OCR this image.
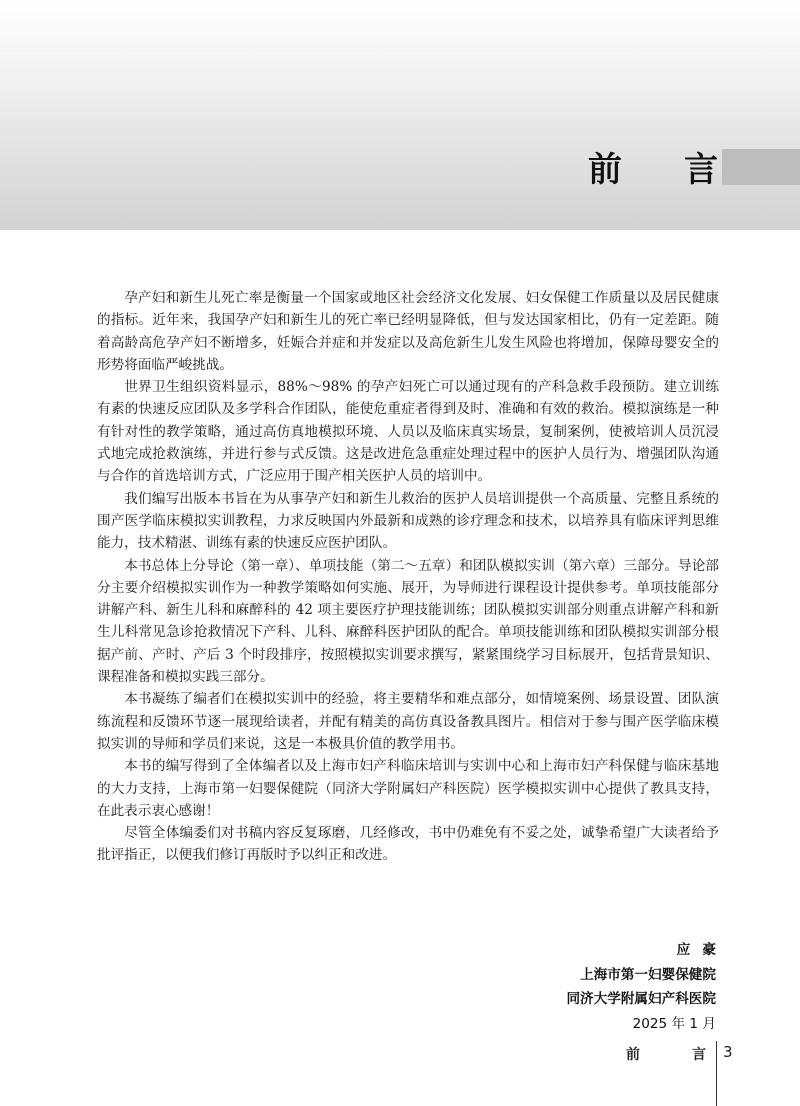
前 言

孕产妇和新生儿死亡率是衡量一个国家或地区社会经济文化发展、妇女保健工作质量以及居民健康的指标。近年来，我国孕产妇和新生儿的死亡率已经明显降低，但与发达国家相比，仍有一定差距。随着高龄高危孕产妇不断增多，妊娠合并症和并发症以及高危新生儿发生风险也将增加，保障母婴安全的形势将面临严峻挑战。

世界卫生组织资料显示，88%～98% 的孕产妇死亡可以通过现有的产科急救手段预防。建立训练有素的快速反应团队及多学科合作团队，能使危重症者得到及时、准确和有效的救治。模拟演练是一种有针对性的教学策略，通过高仿真地模拟环境、人员以及临床真实场景，复制案例，使被培训人员沉浸式地完成抢救演练，并进行参与式反馈。这是改进危急重症处理过程中的医护人员行为、增强团队沟通与合作的首选培训方式，广泛应用于围产相关医护人员的培训中。

我们编写出版本书旨在为从事孕产妇和新生儿救治的医护人员培训提供一个高质量、完整且系统的围产医学临床模拟实训教程，力求反映国内外最新和成熟的诊疗理念和技术，以培养具有临床评判思维能力，技术精湛、训练有素的快速反应医护团队。

本书总体上分导论（第一章）、单项技能（第二～五章）和团队模拟实训（第六章）三部分。导论部分主要介绍模拟实训作为一种教学策略如何实施、展开，为导师进行课程设计提供参考。单项技能部分讲解产科、新生儿科和麻醉科的 42 项主要医疗护理技能训练；团队模拟实训部分则重点讲解产科和新生儿科常见急诊抢救情况下产科、儿科、麻醉科医护团队的配合。单项技能训练和团队模拟实训部分根据产前、产时、产后 3 个时段排序，按照模拟实训要求撰写，紧紧围绕学习目标展开，包括背景知识、课程准备和模拟实践三部分。

本书凝练了编者们在模拟实训中的经验，将主要精华和难点部分，如情境案例、场景设置、团队演练流程和反馈环节逐一展现给读者，并配有精美的高仿真设备教具图片。相信对于参与围产医学临床模拟实训的导师和学员们来说，这是一本极具价值的教学用书。

本书的编写得到了全体编者以及上海市妇产科临床培训与实训中心和上海市妇产科保健与临床基地的大力支持，上海市第一妇婴保健院（同济大学附属妇产科医院）医学模拟实训中心提供了教具支持，在此表示衷心感谢！

尽管全体编委们对书稿内容反复琢磨，几经修改，书中仍难免有不妥之处，诚挚希望广大读者给予批评指正，以便我们修订再版时予以纠正和改进。

应豪
上海市第一妇婴保健院
同济大学附属妇产科医院
2025 年 1 月
前	言 3
